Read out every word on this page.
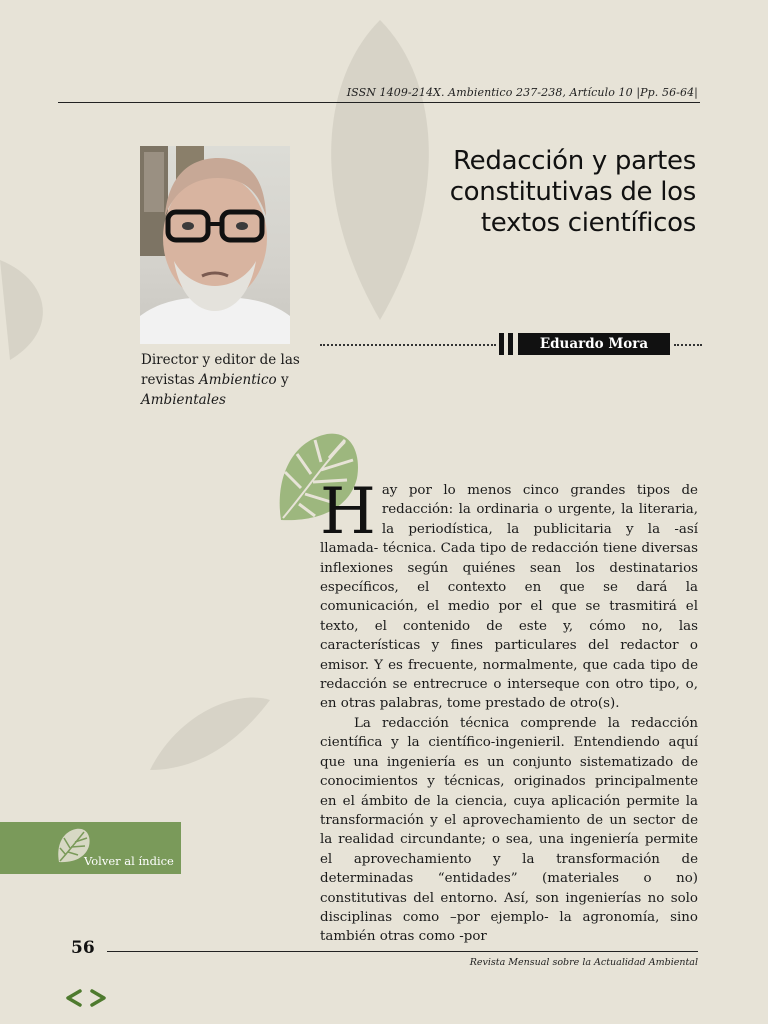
ISSN 1409-214X. Ambientico 237-238, Artículo 10 |Pp. 56-64|
Redacción y partes constitutivas de los textos científicos
Eduardo Mora
Director y editor de las revistas Ambientico y Ambientales

Hay por lo menos cinco grandes tipos de redacción: la ordinaria o urgente, la literaria, la periodística, la publicitaria y la -así llamada- técnica. Cada tipo de redacción tiene diversas inflexiones según quiénes sean los destinatarios específicos, el contexto en que se dará la comunicación, el medio por el que se trasmitirá el texto, el contenido de este y, cómo no, las características y fines particulares del redactor o emisor. Y es frecuente, normalmente, que cada tipo de redacción se entrecruce o interseque con otro tipo, o, en otras palabras, tome prestado de otro(s).

La redacción técnica comprende la redacción científica y la científico-ingenieril. Entendiendo aquí que una ingeniería es un conjunto sistematizado de conocimientos y técnicas, originados principalmente en el ámbito de la ciencia, cuya aplicación permite la transformación y el aprovechamiento de un sector de la realidad circundante; o sea, una ingeniería permite el aprovechamiento y la transformación de determinadas “entidades” (materiales o no) constitutivas del entorno. Así, son ingenierías no solo disciplinas como –por ejemplo- la agronomía, sino también otras como -por

Volver al índice
56
Revista Mensual sobre la Actualidad Ambiental
